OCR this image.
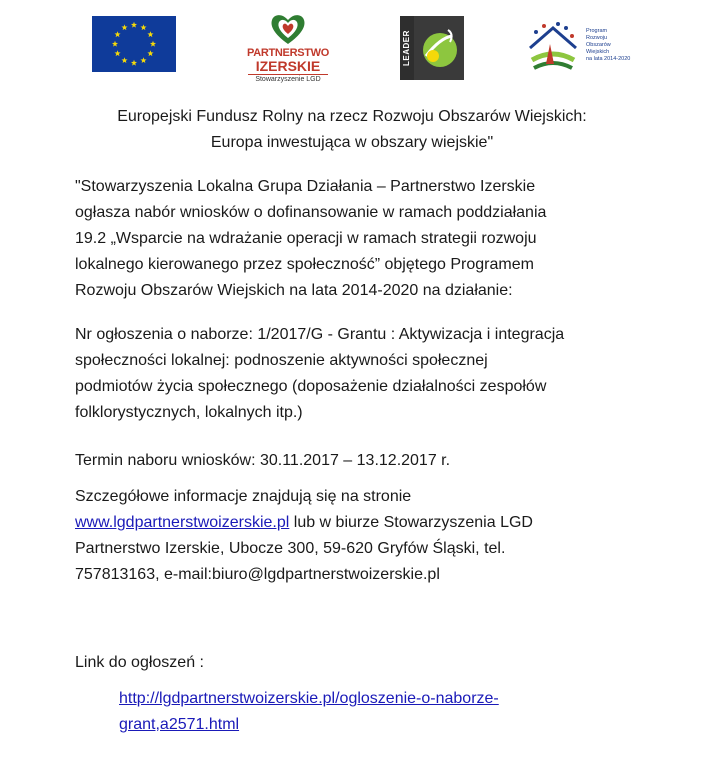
PARTNERSTWO
IZERSKIE
Stowarzyszenie LGD
LEADER	Program
Rozwoju
Obszarów
Wiejskich
na lata 2014-2020

Europejski Fundusz Rolny na rzecz Rozwoju Obszarów Wiejskich:
Europa inwestująca w obszary wiejskie"

"Stowarzyszenia Lokalna Grupa Działania – Partnerstwo Izerskie
ogłasza nabór wniosków o dofinansowanie w ramach poddziałania
19.2 „Wsparcie na wdrażanie operacji w ramach strategii rozwoju
lokalnego kierowanego przez społeczność” objętego Programem
Rozwoju Obszarów Wiejskich na lata 2014-2020 na działanie:

Nr ogłoszenia o naborze: 1/2017/G - Grantu : Aktywizacja i integracja
społeczności lokalnej: podnoszenie aktywności społecznej
podmiotów życia społecznego (doposażenie działalności zespołów
folklorystycznych, lokalnych itp.)

Termin naboru wniosków: 30.11.2017 – 13.12.2017 r.

Szczegółowe informacje znajdują się na stronie
www.lgdpartnerstwoizerskie.pl lub w biurze Stowarzyszenia LGD
Partnerstwo Izerskie, Ubocze 300, 59-620 Gryfów Śląski, tel.
757813163, e-mail:biuro@lgdpartnerstwoizerskie.pl

Link do ogłoszeń :

http://lgdpartnerstwoizerskie.pl/ogloszenie-o-naborze-
grant,a2571.html
